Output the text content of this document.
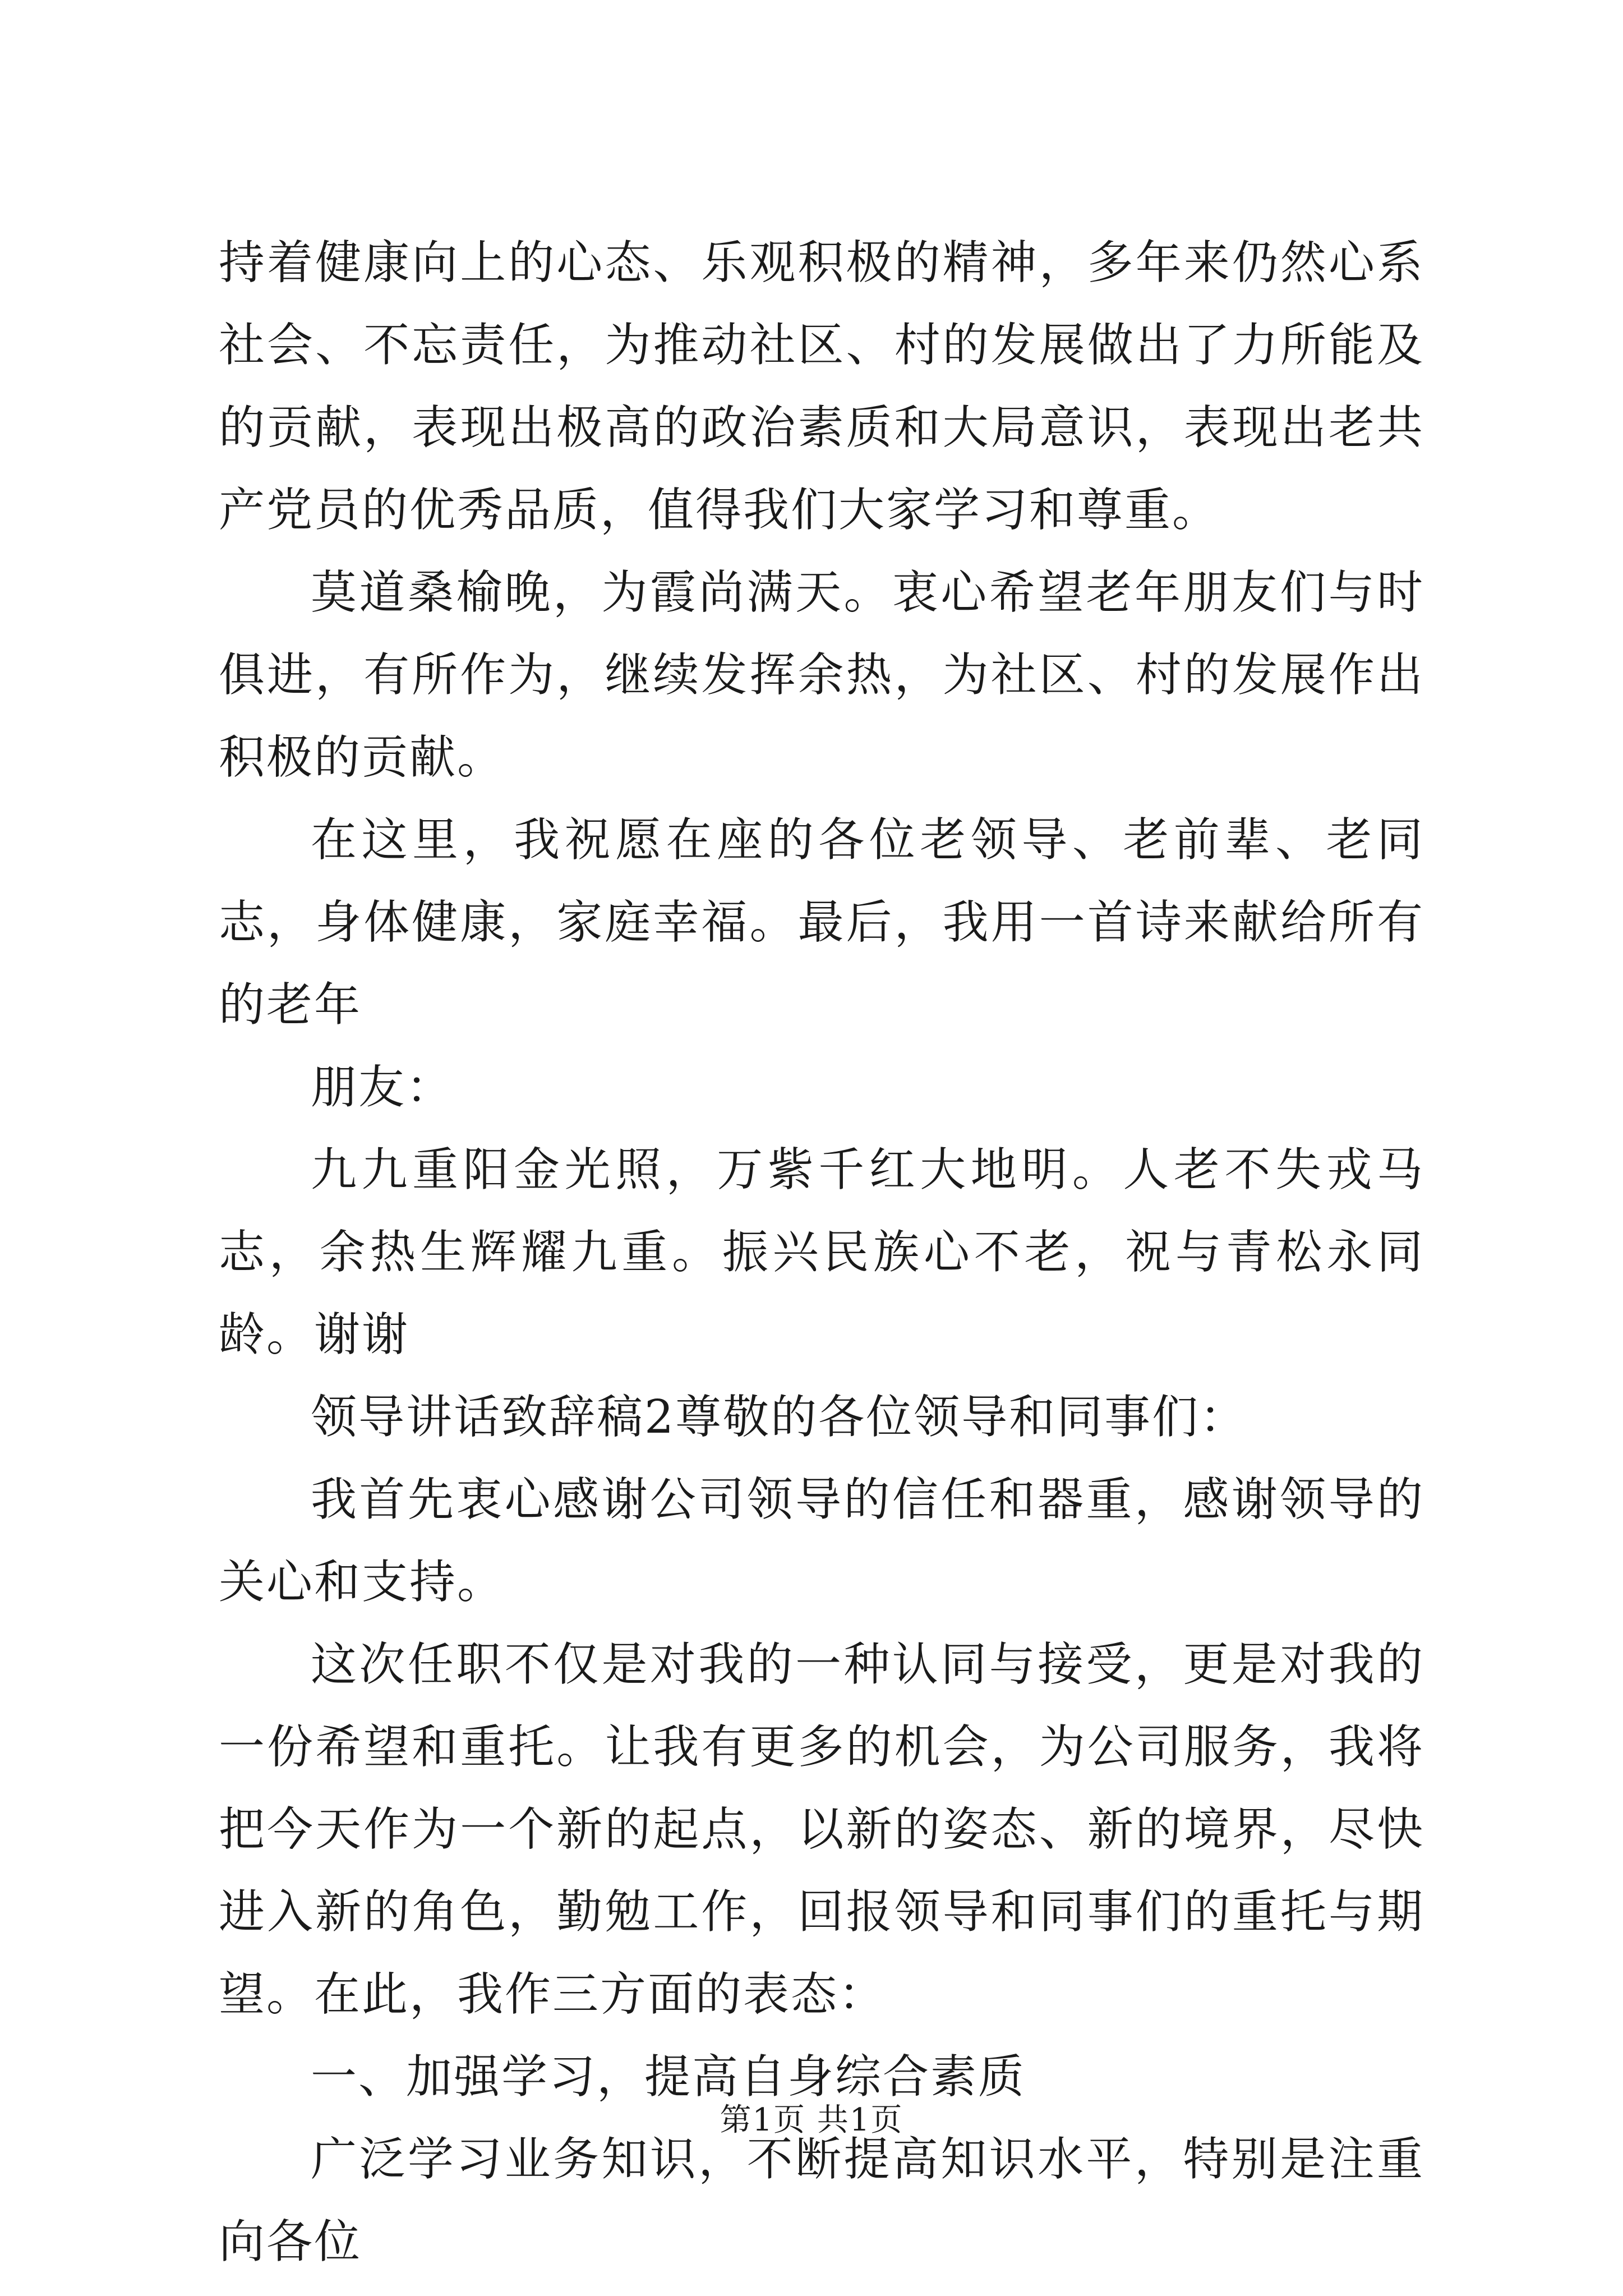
持着健康向上的心态、乐观积极的精神，多年来仍然心系社会、不忘责任，为推动社区、村的发展做出了力所能及的贡献，表现出极高的政治素质和大局意识，表现出老共产党员的优秀品质，值得我们大家学习和尊重。

莫道桑榆晚，为霞尚满天。衷心希望老年朋友们与时俱进，有所作为，继续发挥余热，为社区、村的发展作出积极的贡献。

在这里，我祝愿在座的各位老领导、老前辈、老同志，身体健康，家庭幸福。最后，我用一首诗来献给所有的老年

朋友：

九九重阳金光照，万紫千红大地明。人老不失戎马志，余热生辉耀九重。振兴民族心不老，祝与青松永同龄。谢谢

领导讲话致辞稿2尊敬的各位领导和同事们：

我首先衷心感谢公司领导的信任和器重，感谢领导的关心和支持。

这次任职不仅是对我的一种认同与接受，更是对我的一份希望和重托。让我有更多的机会，为公司服务，我将把今天作为一个新的起点，以新的姿态、新的境界，尽快进入新的角色，勤勉工作，回报领导和同事们的重托与期望。在此，我作三方面的表态：

一、加强学习，提高自身综合素质

广泛学习业务知识，不断提高知识水平，特别是注重向各位

第1页 共1页
